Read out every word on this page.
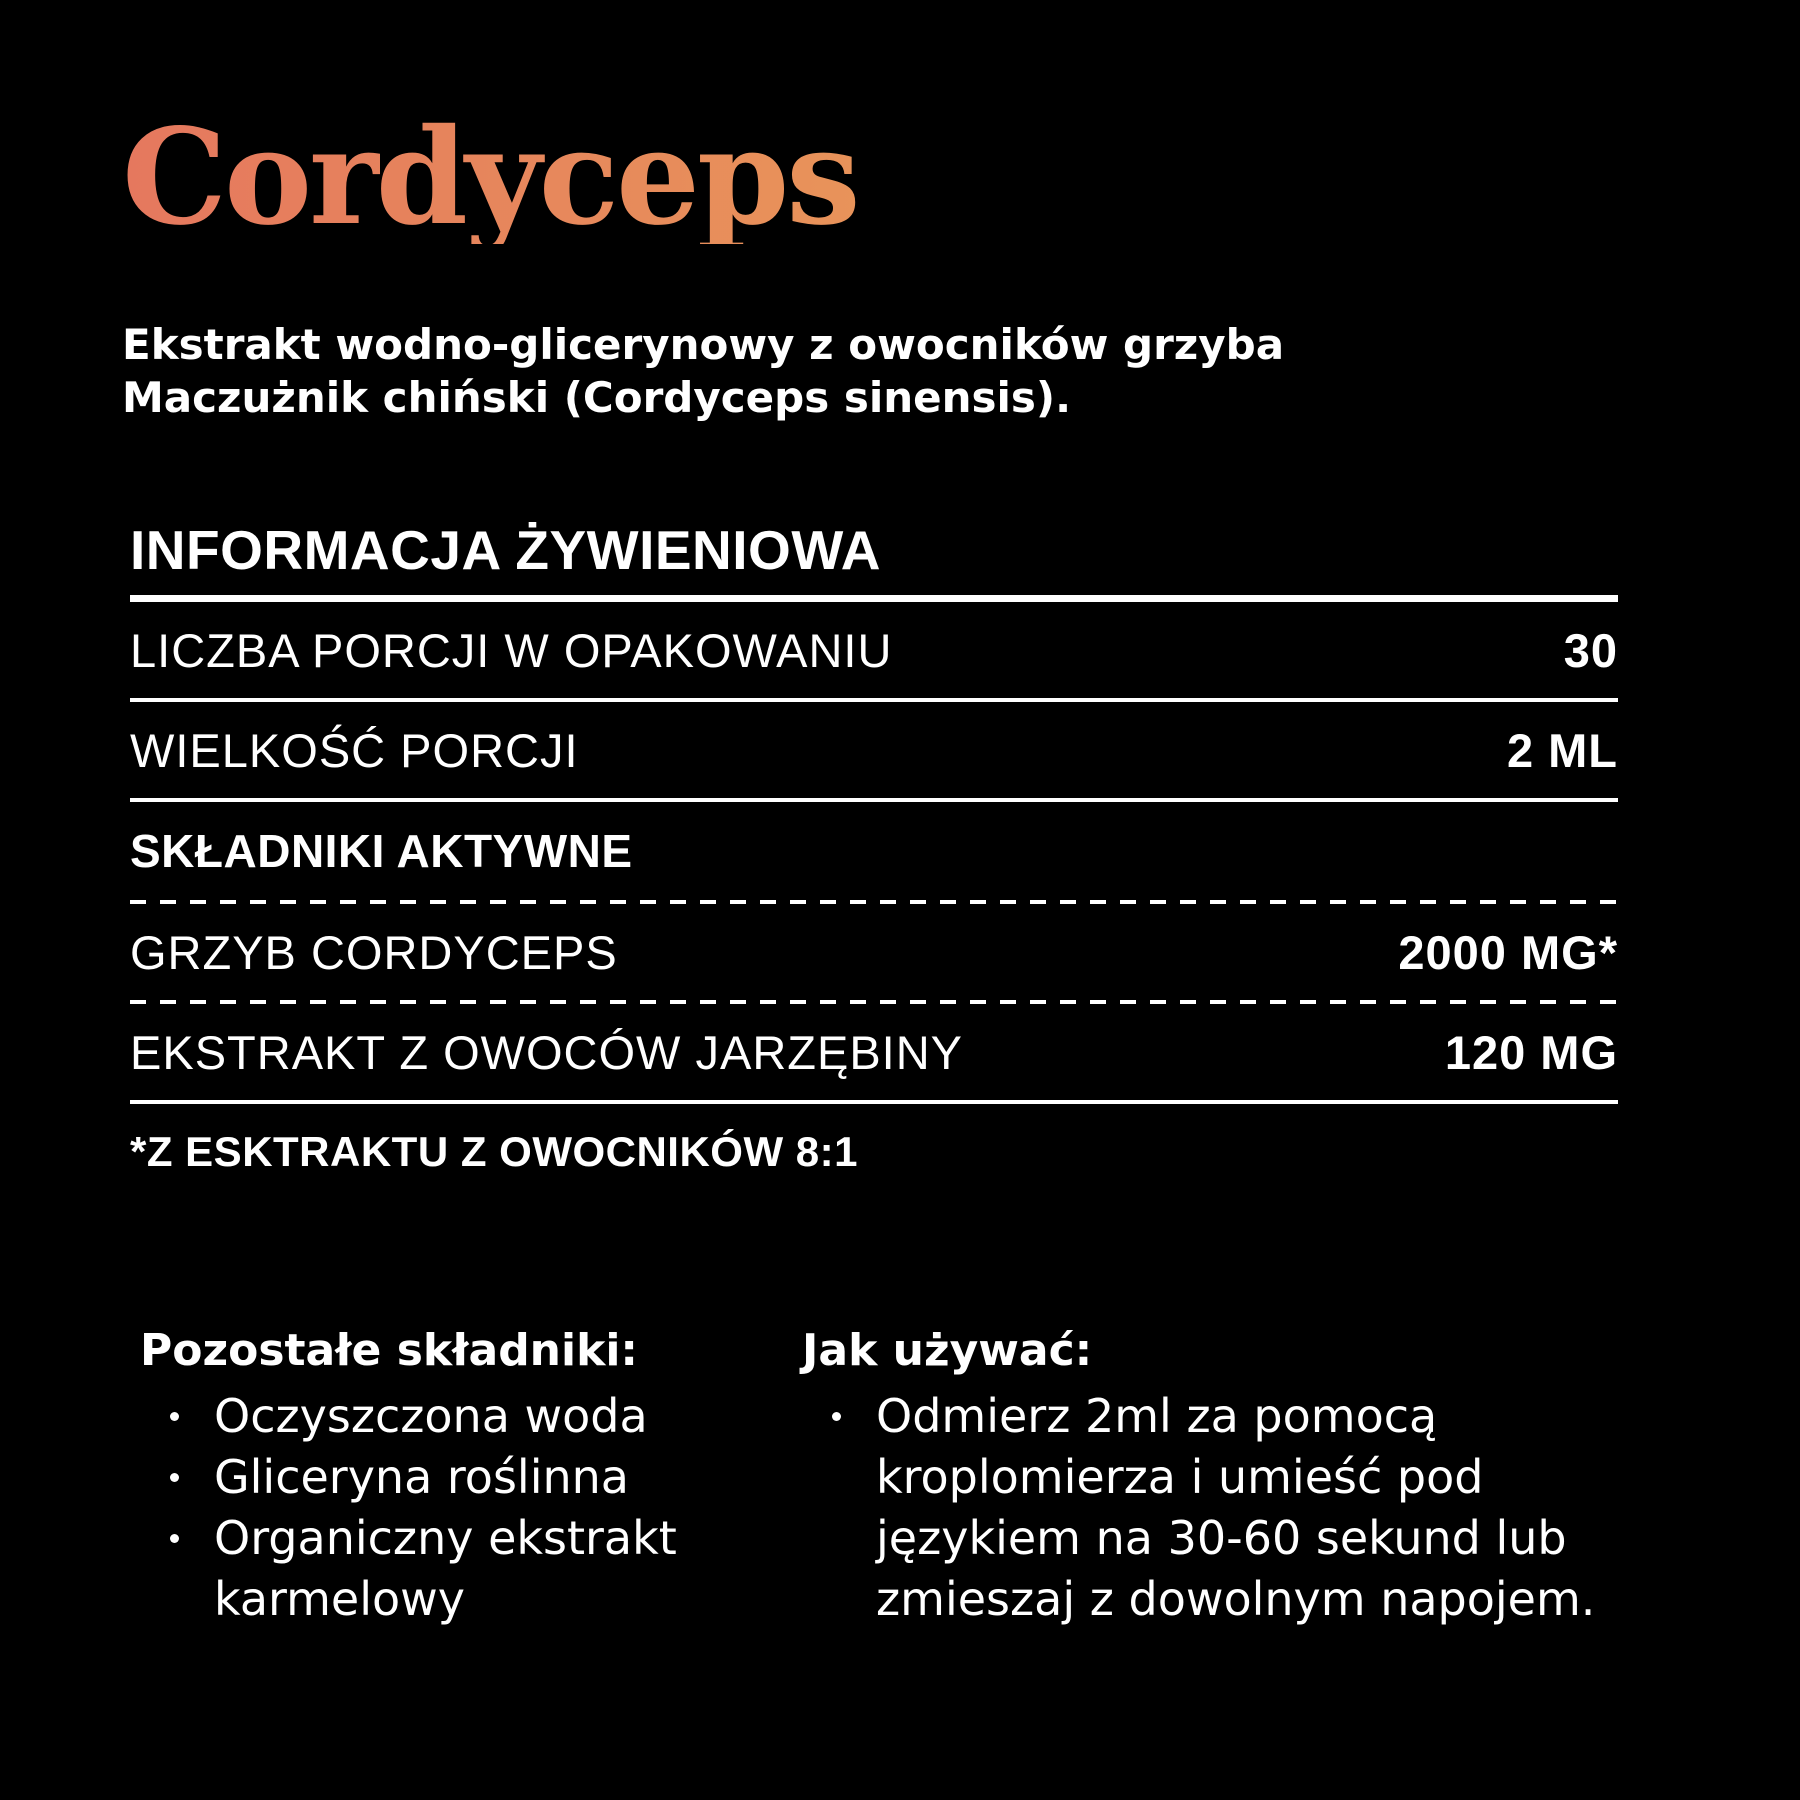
Cordyceps

Ekstrakt wodno-glicerynowy z owocników grzyba
Maczużnik chiński (Cordyceps sinensis).

INFORMACJA ŻYWIENIOWA
LICZBA PORCJI W OPAKOWANIU	30
WIELKOŚĆ PORCJI	2 ML
SKŁADNIKI AKTYWNE
GRZYB CORDYCEPS	2000 MG*
EKSTRAKT Z OWOCÓW JARZĘBINY	120 MG
*Z ESKTRAKTU Z OWOCNIKÓW 8:1
Pozostałe składniki:
Oczyszczona woda
Gliceryna roślinna
Organiczny ekstrakt karmelowy
Jak używać:
Odmierz 2ml za pomocą kroplomierza i umieść pod językiem na 30-60 sekund lub zmieszaj z dowolnym napojem.
